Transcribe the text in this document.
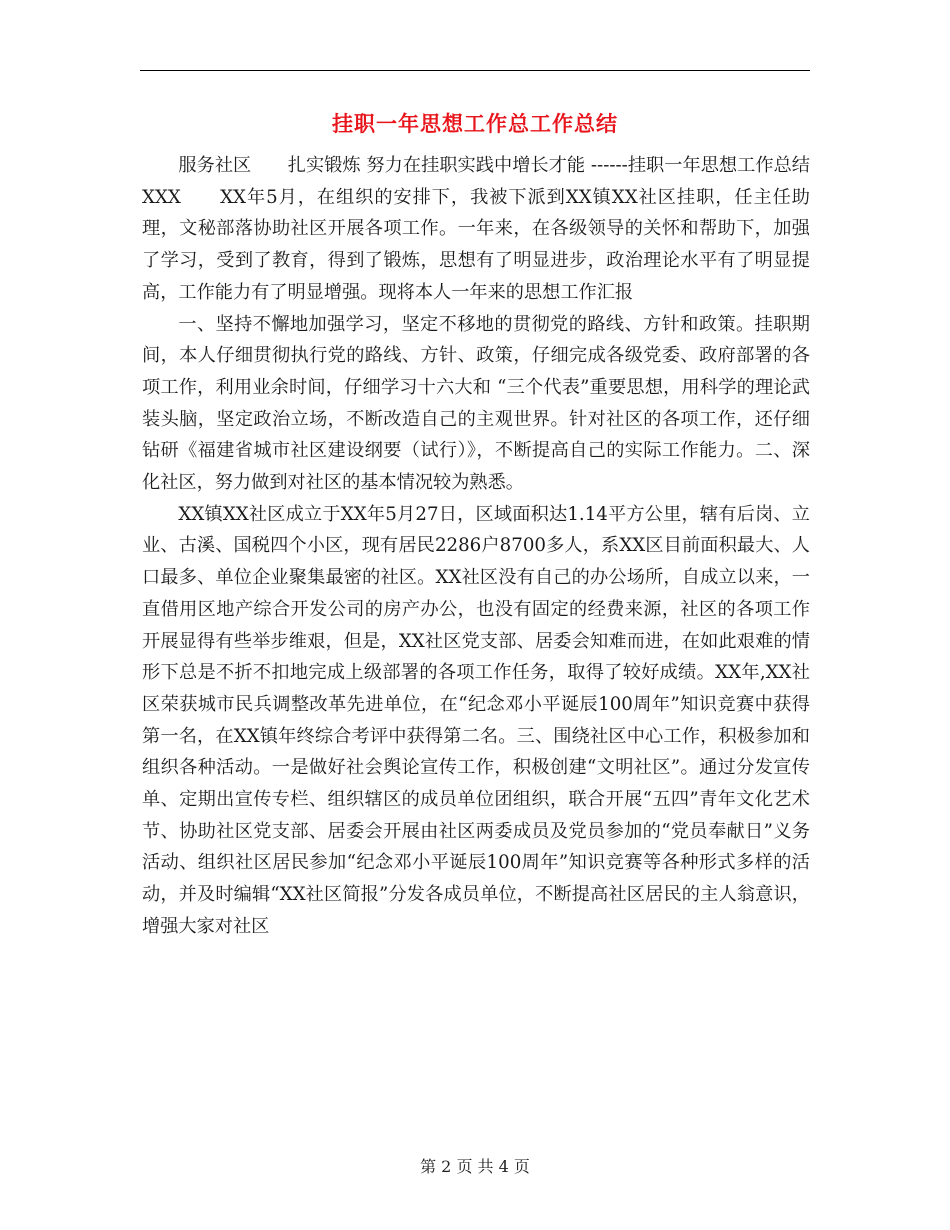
挂职一年思想工作总工作总结

服务社区　　扎实锻炼 努力在挂职实践中增长才能 ------挂职一年思想工作总结　XXX　　XX年5月，在组织的安排下，我被下派到XX镇XX社区挂职，任主任助理，文秘部落协助社区开展各项工作。一年来，在各级领导的关怀和帮助下，加强了学习，受到了教育，得到了锻炼，思想有了明显进步，政治理论水平有了明显提高，工作能力有了明显增强。现将本人一年来的思想工作汇报

一、坚持不懈地加强学习，坚定不移地的贯彻党的路线、方针和政策。挂职期间，本人仔细贯彻执行党的路线、方针、政策，仔细完成各级党委、政府部署的各项工作，利用业余时间，仔细学习十六大和 “三个代表”重要思想，用科学的理论武装头脑，坚定政治立场，不断改造自己的主观世界。针对社区的各项工作，还仔细钻研《福建省城市社区建设纲要（试行）》，不断提高自己的实际工作能力。二、深化社区，努力做到对社区的基本情况较为熟悉。

XX镇XX社区成立于XX年5月27日，区域面积达1.14平方公里，辖有后岗、立业、古溪、国税四个小区，现有居民2286户8700多人，系XX区目前面积最大、人口最多、单位企业聚集最密的社区。XX社区没有自己的办公场所，自成立以来，一直借用区地产综合开发公司的房产办公，也没有固定的经费来源，社区的各项工作开展显得有些举步维艰，但是，XX社区党支部、居委会知难而进，在如此艰难的情形下总是不折不扣地完成上级部署的各项工作任务，取得了较好成绩。XX年,XX社区荣获城市民兵调整改革先进单位，在“纪念邓小平诞辰100周年”知识竞赛中获得第一名，在XX镇年终综合考评中获得第二名。三、围绕社区中心工作，积极参加和组织各种活动。一是做好社会舆论宣传工作，积极创建“文明社区”。通过分发宣传单、定期出宣传专栏、组织辖区的成员单位团组织，联合开展“五四”青年文化艺术节、协助社区党支部、居委会开展由社区两委成员及党员参加的“党员奉献日”义务活动、组织社区居民参加“纪念邓小平诞辰100周年”知识竞赛等各种形式多样的活动，并及时编辑“XX社区简报”分发各成员单位，不断提高社区居民的主人翁意识，增强大家对社区

第 2 页 共 4 页
